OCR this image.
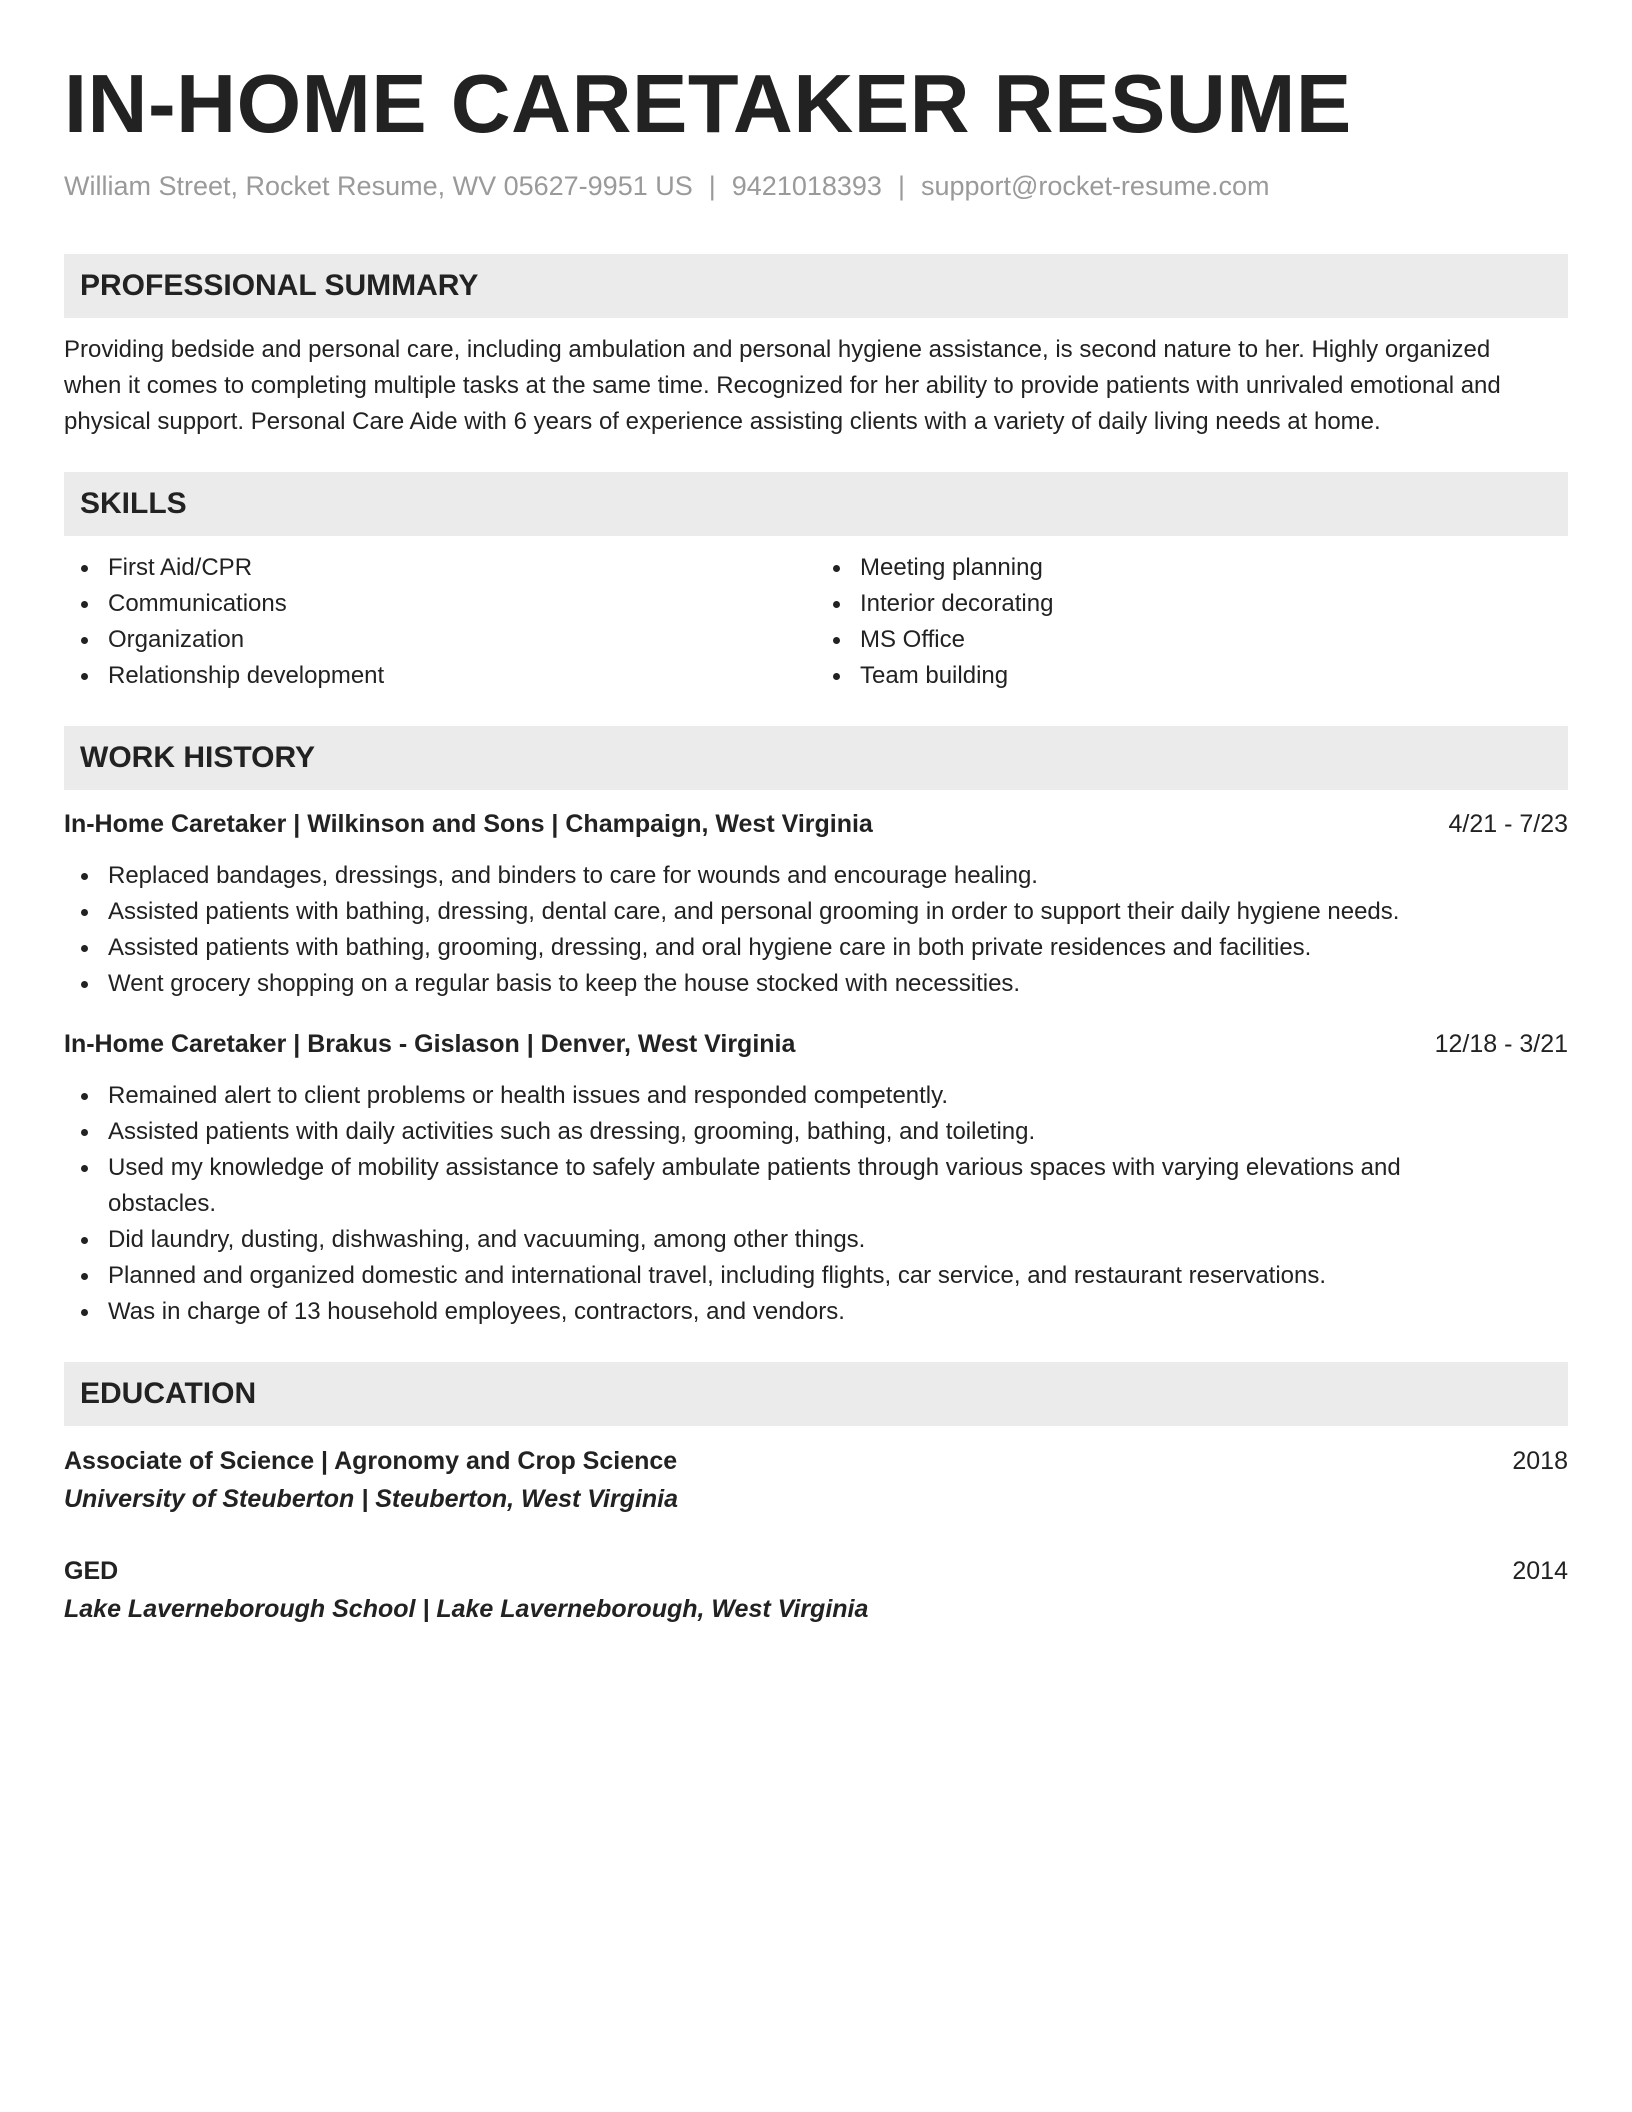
IN-HOME CARETAKER RESUME
William Street, Rocket Resume, WV 05627-9951 US | 9421018393 | support@rocket-resume.com
PROFESSIONAL SUMMARY
Providing bedside and personal care, including ambulation and personal hygiene assistance, is second nature to her. Highly organized
when it comes to completing multiple tasks at the same time. Recognized for her ability to provide patients with unrivaled emotional and
physical support. Personal Care Aide with 6 years of experience assisting clients with a variety of daily living needs at home.
SKILLS
First Aid/CPR
Communications
Organization
Relationship development
Meeting planning
Interior decorating
MS Office
Team building
WORK HISTORY
In-Home Caretaker | Wilkinson and Sons | Champaign, West Virginia	4/21 - 7/23
Replaced bandages, dressings, and binders to care for wounds and encourage healing.
Assisted patients with bathing, dressing, dental care, and personal grooming in order to support their daily hygiene needs.
Assisted patients with bathing, grooming, dressing, and oral hygiene care in both private residences and facilities.
Went grocery shopping on a regular basis to keep the house stocked with necessities.
In-Home Caretaker | Brakus - Gislason | Denver, West Virginia	12/18 - 3/21
Remained alert to client problems or health issues and responded competently.
Assisted patients with daily activities such as dressing, grooming, bathing, and toileting.
Used my knowledge of mobility assistance to safely ambulate patients through various spaces with varying elevations and obstacles.
Did laundry, dusting, dishwashing, and vacuuming, among other things.
Planned and organized domestic and international travel, including flights, car service, and restaurant reservations.
Was in charge of 13 household employees, contractors, and vendors.
EDUCATION
Associate of Science | Agronomy and Crop Science	2018
University of Steuberton | Steuberton, West Virginia
GED	2014
Lake Laverneborough School | Lake Laverneborough, West Virginia
